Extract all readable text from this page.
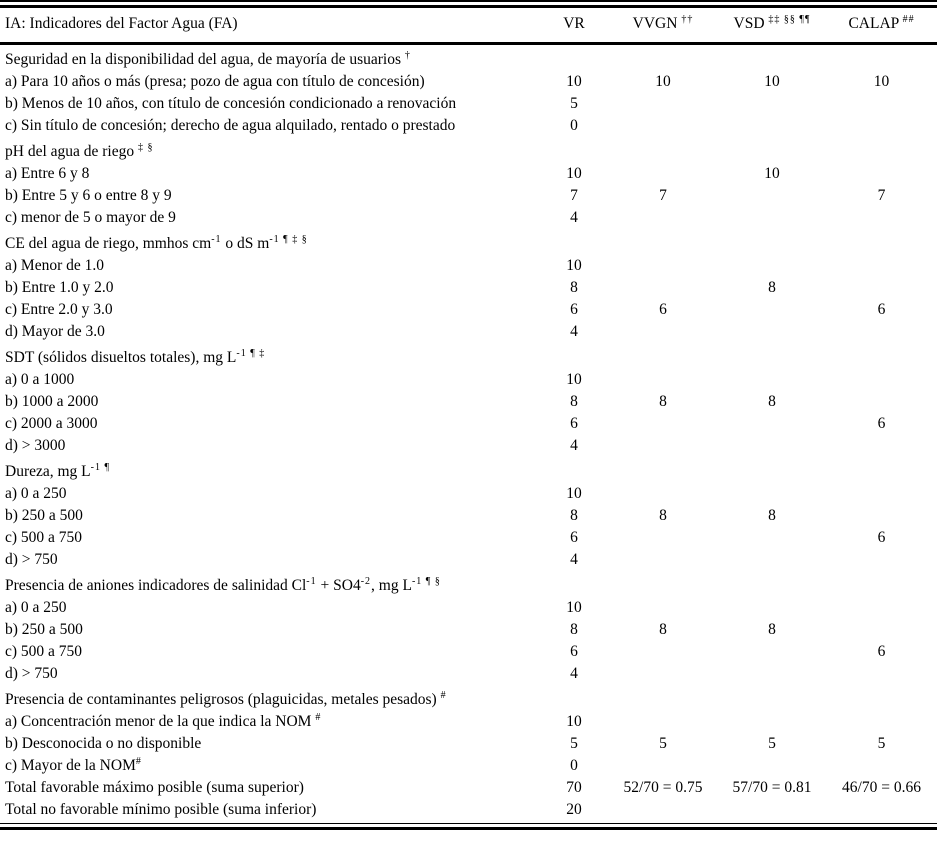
IA: Indicadores del Factor Agua (FA)	VR	VVGN ††	VSD ‡‡ §§ ¶¶	CALAP ##
Seguridad en la disponibilidad del agua, de mayoría de usuarios †				
a) Para 10 años o más (presa; pozo de agua con título de concesión)	10	10	10	10
b) Menos de 10 años, con título de concesión condicionado a renovación	5			
c) Sin título de concesión; derecho de agua alquilado, rentado o prestado	0			
pH del agua de riego ‡ §				
a) Entre 6 y 8	10		10	
b) Entre 5 y 6 o entre 8 y 9	7	7		7
c) menor de 5 o mayor de 9	4			
CE del agua de riego, mmhos $cm^{-1}$ o dS $m^{-1 \P \ddagger \S}$				
a) Menor de 1.0	10			
b) Entre 1.0 y 2.0	8		8	
c) Entre 2.0 y 3.0	6	6		6
d) Mayor de 3.0	4			
SDT (sólidos disueltos totales), mg $L^{-1 \P \ddagger}$				
a) 0 a 1000	10			
b) 1000 a 2000	8	8	8	
c) 2000 a 3000	6			6
d) > 3000	4			
Dureza, mg $L^{-1 \P}$				
a) 0 a 250	10			
b) 250 a 500	8	8	8	
c) 500 a 750	6			6
d) > 750	4			
Presencia de aniones indicadores de salinidad $Cl^{-1} + SO4^{-2}$, mg $L^{-1 \P \S}$				
a) 0 a 250	10			
b) 250 a 500	8	8	8	
c) 500 a 750	6			6
d) > 750	4			
Presencia de contaminantes peligrosos (plaguicidas, metales pesados) #				
a) Concentración menor de la que indica la NOM #	10			
b) Desconocida o no disponible	5	5	5	5
c) Mayor de la NOM#	0			
Total favorable máximo posible (suma superior)	70	52/70 = 0.75	57/70 = 0.81	46/70 = 0.66
Total no favorable mínimo posible (suma inferior)	20			
